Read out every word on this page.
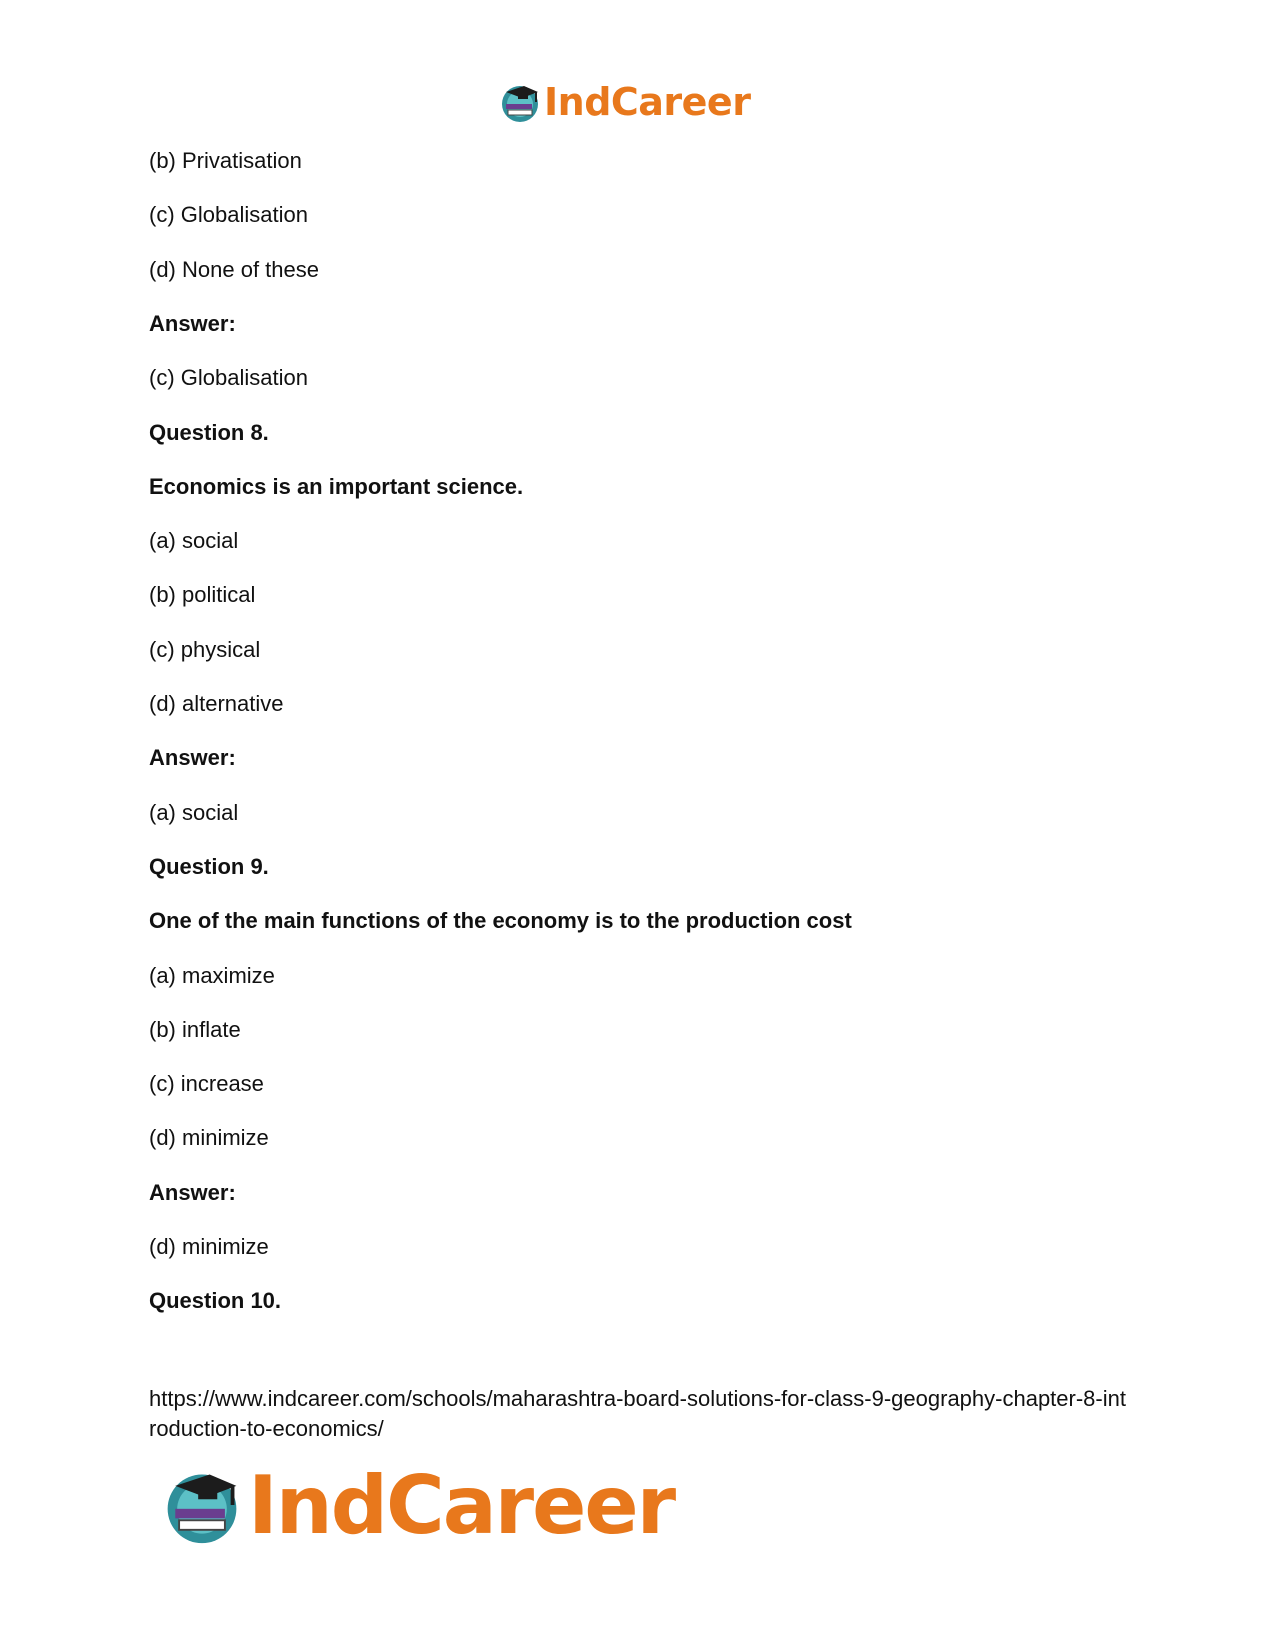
IndCareer
(b) Privatisation
(c) Globalisation
(d) None of these
Answer:
(c) Globalisation
Question 8.
Economics is an important science.
(a) social
(b) political
(c) physical
(d) alternative
Answer:
(a) social
Question 9.
One of the main functions of the economy is to the production cost
(a) maximize
(b) inflate
(c) increase
(d) minimize
Answer:
(d) minimize
Question 10.
https://www.indcareer.com/schools/maharashtra-board-solutions-for-class-9-geography-chapter-8-introduction-to-economics/
IndCareer
